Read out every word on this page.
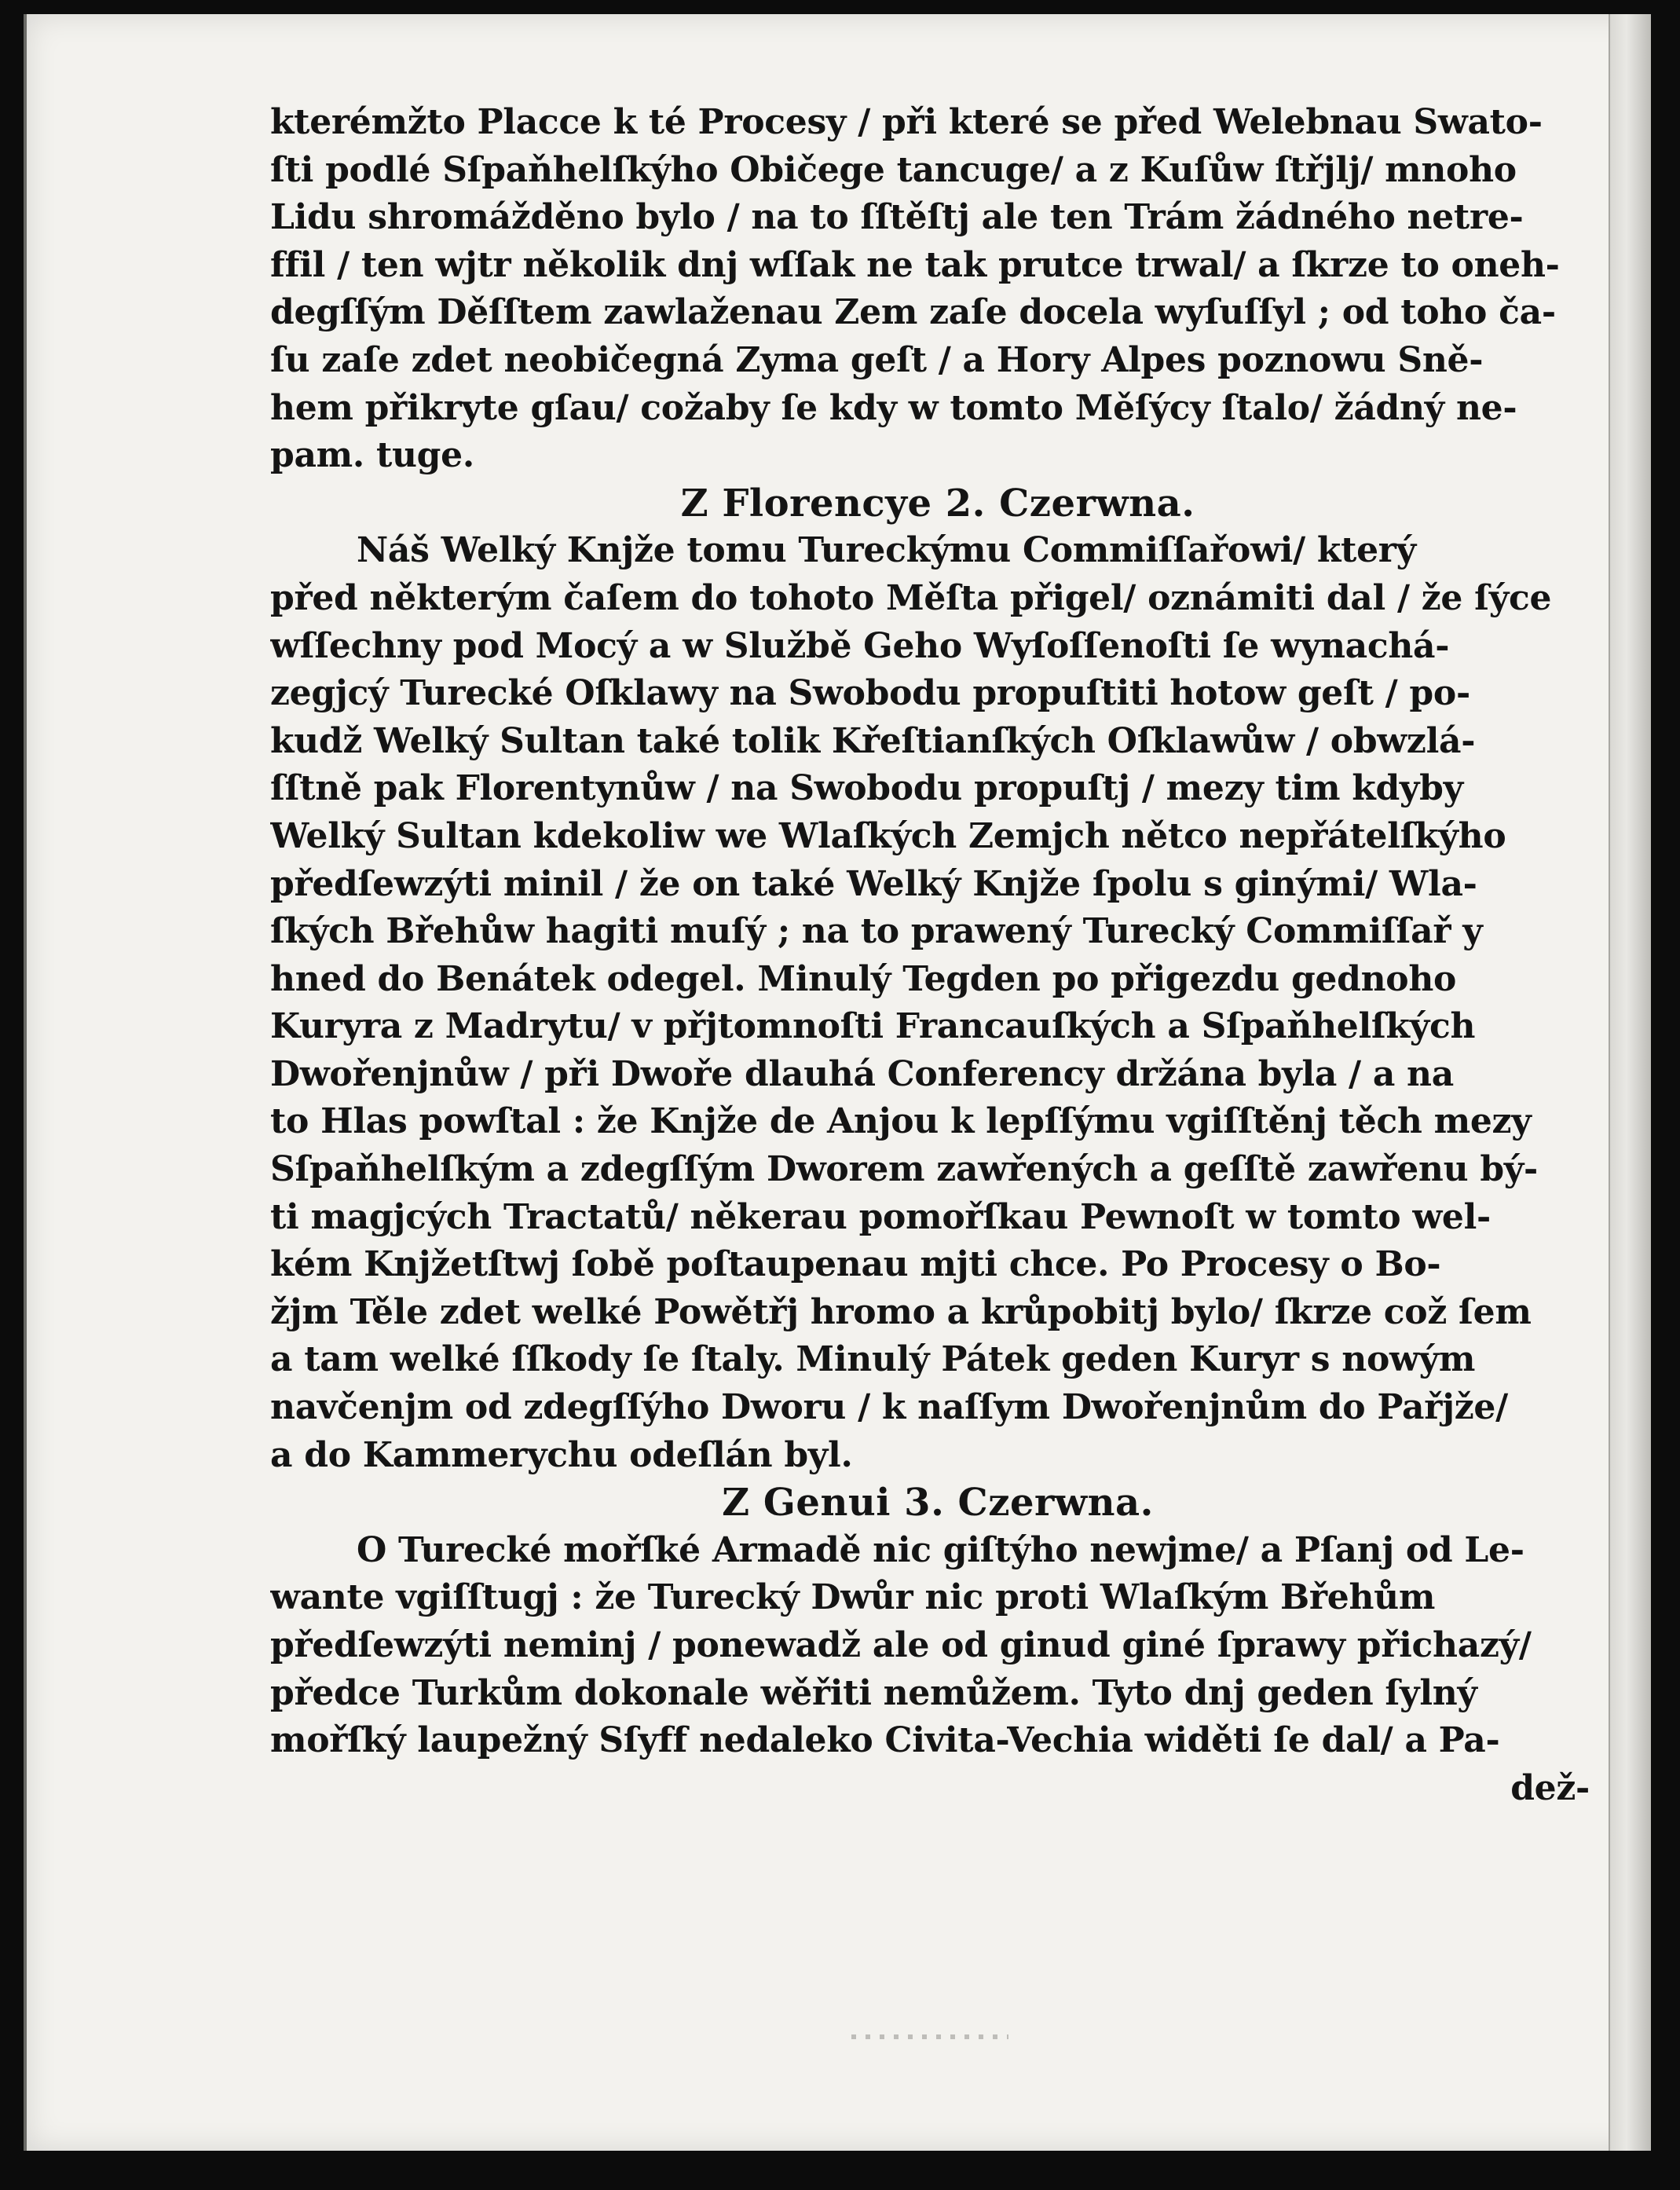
kterémžto Placce k té Procesy / při které se před Welebnau Swato-
ſti podlé Sſpaňhelſkýho Običege tancuge/ a z Kuſůw ſtřjlj/ mnoho
Lidu shromážděno bylo / na to ſſtěſtj ale ten Trám žádného netre-
ffil / ten wjtr několik dnj wſſak ne tak prutce trwal/ a ſkrze to oneh-
degſſým Děſſtem zawlaženau Zem zaſe docela wyſuſſyl ; od toho ča-
ſu zaſe zdet neobičegná Zyma geſt / a Hory Alpes poznowu Sně-
hem přikryte gſau/ cožaby ſe kdy w tomto Měſýcy ſtalo/ žádný ne-
pam. tuge.
Z Florencye 2. Czerwna.
Náš Welký Knjže tomu Tureckýmu Commiſſařowi/ který
před některým čaſem do tohoto Měſta přigel/ oznámiti dal / že ſýce
wſſechny pod Mocý a w Službě Geho Wyſoſſenoſti ſe wynachá-
zegjcý Turecké Oſklawy na Swobodu propuſtiti hotow geſt / po-
kudž Welký Sultan také tolik Křeſtianſkých Oſklawůw / obwzlá-
ſſtně pak Florentynůw / na Swobodu propuſtj / mezy tim kdyby
Welký Sultan kdekoliw we Wlaſkých Zemjch nětco nepřátelſkýho
předſewzýti minil / že on také Welký Knjže ſpolu s ginými/ Wla-
ſkých Břehůw hagiti muſý ; na to prawený Turecký Commiſſař y
hned do Benátek odegel. Minulý Tegden po přigezdu gednoho
Kuryra z Madrytu/ v přjtomnoſti Francauſkých a Sſpaňhelſkých
Dwořenjnůw / při Dwoře dlauhá Conferency držána byla / a na
to Hlas powſtal : že Knjže de Anjou k lepſſýmu vgiſſtěnj těch mezy
Sſpaňhelſkým a zdegſſým Dworem zawřených a geſſtě zawřenu bý-
ti magjcých Tractatů/ někerau pomořſkau Pewnoſt w tomto wel-
kém Knjžetſtwj ſobě poſtaupenau mjti chce. Po Procesy o Bo-
žjm Těle zdet welké Powětřj hromo a krůpobitj bylo/ ſkrze což ſem
a tam welké ſſkody ſe ſtaly. Minulý Pátek geden Kuryr s nowým
navčenjm od zdegſſýho Dworu / k naſſym Dwořenjnům do Pařjže/
a do Kammerychu odeſlán byl.
Z Genui 3. Czerwna.
O Turecké mořſké Armadě nic giſtýho newjme/ a Pſanj od Le-
wante vgiſſtugj : že Turecký Dwůr nic proti Wlaſkým Břehům
předſewzýti neminj / ponewadž ale od ginud giné ſprawy přichazý/
předce Turkům dokonale wěřiti nemůžem. Tyto dnj geden ſylný
mořſký laupežný Sſyff nedaleko Civita-Vechia widěti ſe dal/ a Pa-
dež-
